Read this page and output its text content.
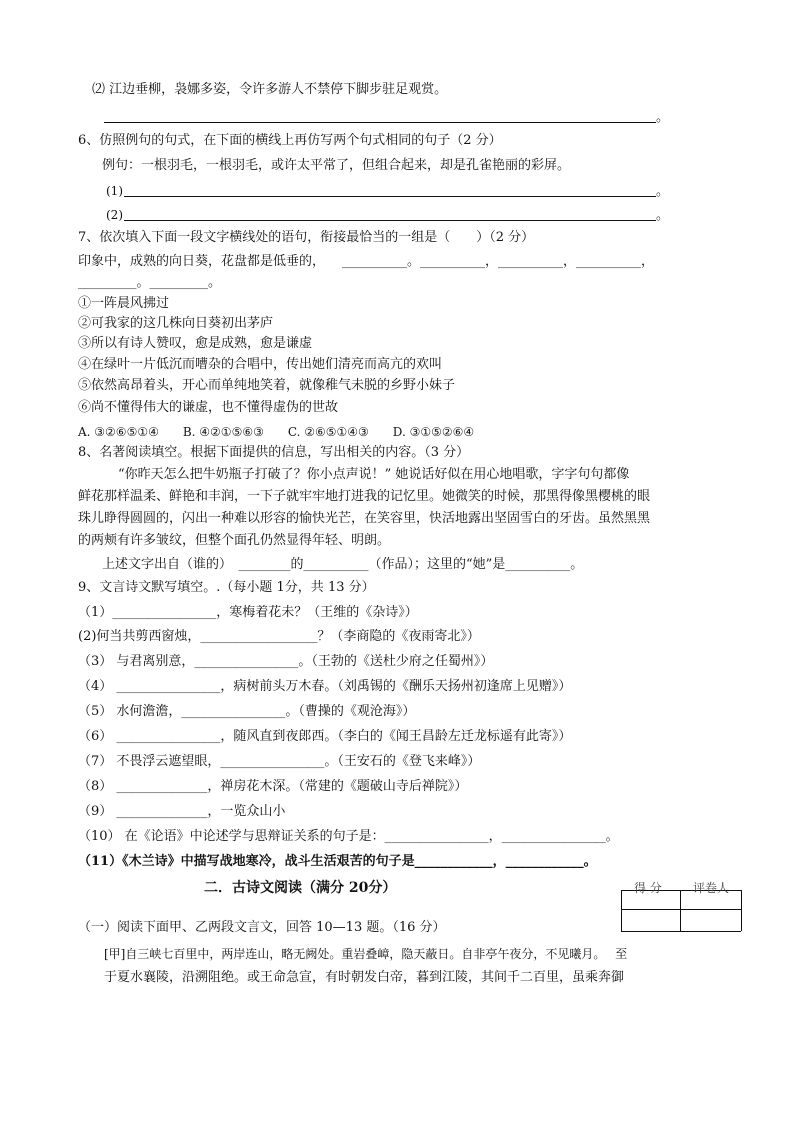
⑵ 江边垂柳，袅娜多姿，令许多游人不禁停下脚步驻足观赏。
。
6、仿照例句的句式，在下面的横线上再仿写两个句式相同的句子（2 分）
例句：一根羽毛，一根羽毛，或许太平常了，但组合起来，却是孔雀艳丽的彩屏。
(1)	。
(2)	。
7、依次填入下面一段文字横线处的语句，衔接最恰当的一组是（　　）（2 分）
印象中，成熟的向日葵，花盘都是低垂的， __________。__________，__________，__________，
_________。_________。
①一阵晨风拂过
②可我家的这几株向日葵初出茅庐
③所以有诗人赞叹，愈是成熟，愈是谦虚
④在绿叶一片低沉而嘈杂的合唱中，传出她们清亮而高亢的欢叫
⑤依然高昂着头，开心而单纯地笑着，就像稚气未脱的乡野小妹子
⑥尚不懂得伟大的谦虚，也不懂得虚伪的世故
A. ③②⑥⑤①④　　B. ④②①⑤⑥③　　C. ②⑥⑤①④③　　D. ③①⑤②⑥④
8、名著阅读填空。根据下面提供的信息，写出相关的内容。（3 分）
“你昨天怎么把牛奶瓶子打破了？你小点声说！” 她说话好似在用心地唱歌，字字句句都像
鲜花那样温柔、鲜艳和丰润，一下子就牢牢地打进我的记忆里。她微笑的时候，那黑得像黑樱桃的眼
珠儿睁得圆圆的，闪出一种难以形容的愉快光芒，在笑容里，快活地露出坚固雪白的牙齿。虽然黑黑
的两颊有许多皱纹，但整个面孔仍然显得年轻、明朗。
上述文字出自（谁的）　________的__________（作品）；这里的“她”是__________。
9、文言诗文默写填空。.（每小题 1分，共 13 分）
（1）________________，寒梅着花未？（王维的《杂诗》）
(2)何当共剪西窗烛，__________________？（李商隐的《夜雨寄北》）
（3） 与君离别意，________________。（王勃的《送杜少府之任蜀州》）
（4） ________________，病树前头万木春。（刘禹锡的《酬乐天扬州初逢席上见赠》）
（5） 水何澹澹，________________。（曹操的《观沧海》）
（6） ________________，随风直到夜郎西。（李白的《闻王昌龄左迁龙标遥有此寄》）
（7） 不畏浮云遮望眼，________________。（王安石的《登飞来峰》）
（8） ______________，禅房花木深。（常建的《题破山寺后禅院》）
（9） ______________，一览众山小
（10） 在《论语》中论述学与思辩证关系的句子是：________________，________________。
（11）《木兰诗》中描写战地寒冷，战斗生活艰苦的句子是____________，____________。
二．古诗文阅读（满分 20分）	得 分	评卷人
（一）阅读下面甲、乙两段文言文，回答 10—13 题。（16 分）
[甲]自三峡七百里中，两岸连山，略无阙处。重岩叠嶂，隐天蔽日。自非亭午夜分，不见曦月。　 至
于夏水襄陵，沿溯阻绝。或王命急宣，有时朝发白帝，暮到江陵，其间千二百里，虽乘奔御
